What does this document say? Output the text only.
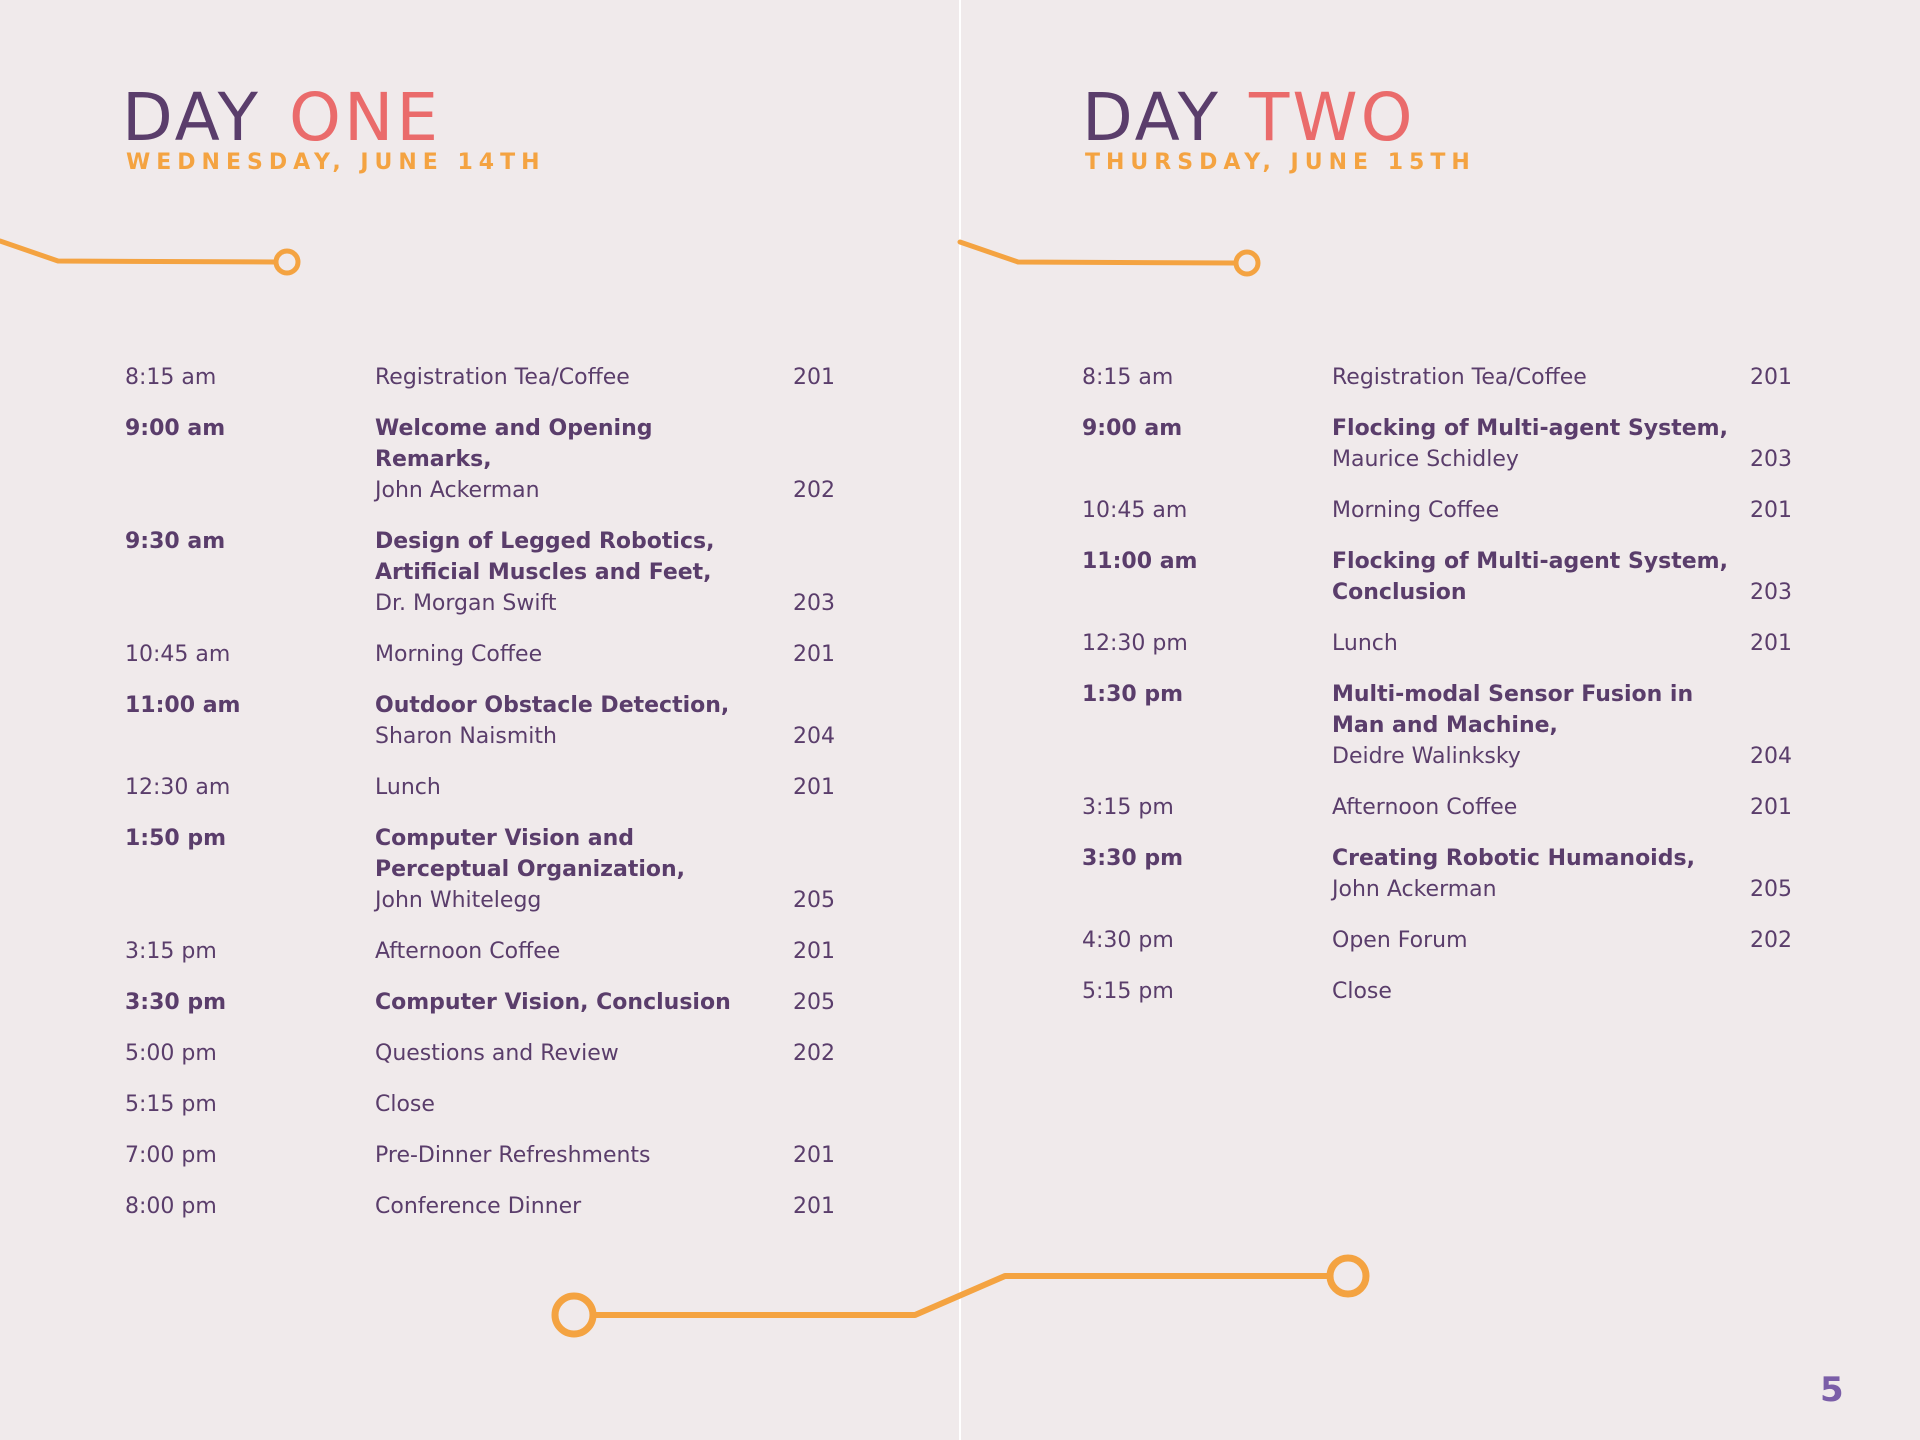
DAY ONE

WEDNESDAY, JUNE 14TH

8:15 am	Registration Tea/Coffee	201
9:00 am	Welcome and Opening Remarks,
John Ackerman	202
9:30 am	Design of Legged Robotics, Artificial Muscles and Feet,
Dr. Morgan Swift	203
10:45 am	Morning Coffee	201
11:00 am	Outdoor Obstacle Detection,
Sharon Naismith	204
12:30 am	Lunch	201
1:50 pm	Computer Vision and Perceptual Organization,
John Whitelegg	205
3:15 pm	Afternoon Coffee	201
3:30 pm	Computer Vision, Conclusion	205
5:00 pm	Questions and Review	202
5:15 pm	Close
7:00 pm	Pre-Dinner Refreshments	201
8:00 pm	Conference Dinner	201
DAY TWO

THURSDAY, JUNE 15TH

8:15 am	Registration Tea/Coffee	201
9:00 am	Flocking of Multi-agent System,
Maurice Schidley	203
10:45 am	Morning Coffee	201
11:00 am	Flocking of Multi-agent System, Conclusion	203
12:30 pm	Lunch	201
1:30 pm	Multi-modal Sensor Fusion in Man and Machine,
Deidre Walinksky	204
3:15 pm	Afternoon Coffee	201
3:30 pm	Creating Robotic Humanoids,
John Ackerman	205
4:30 pm	Open Forum	202
5:15 pm	Close
5
